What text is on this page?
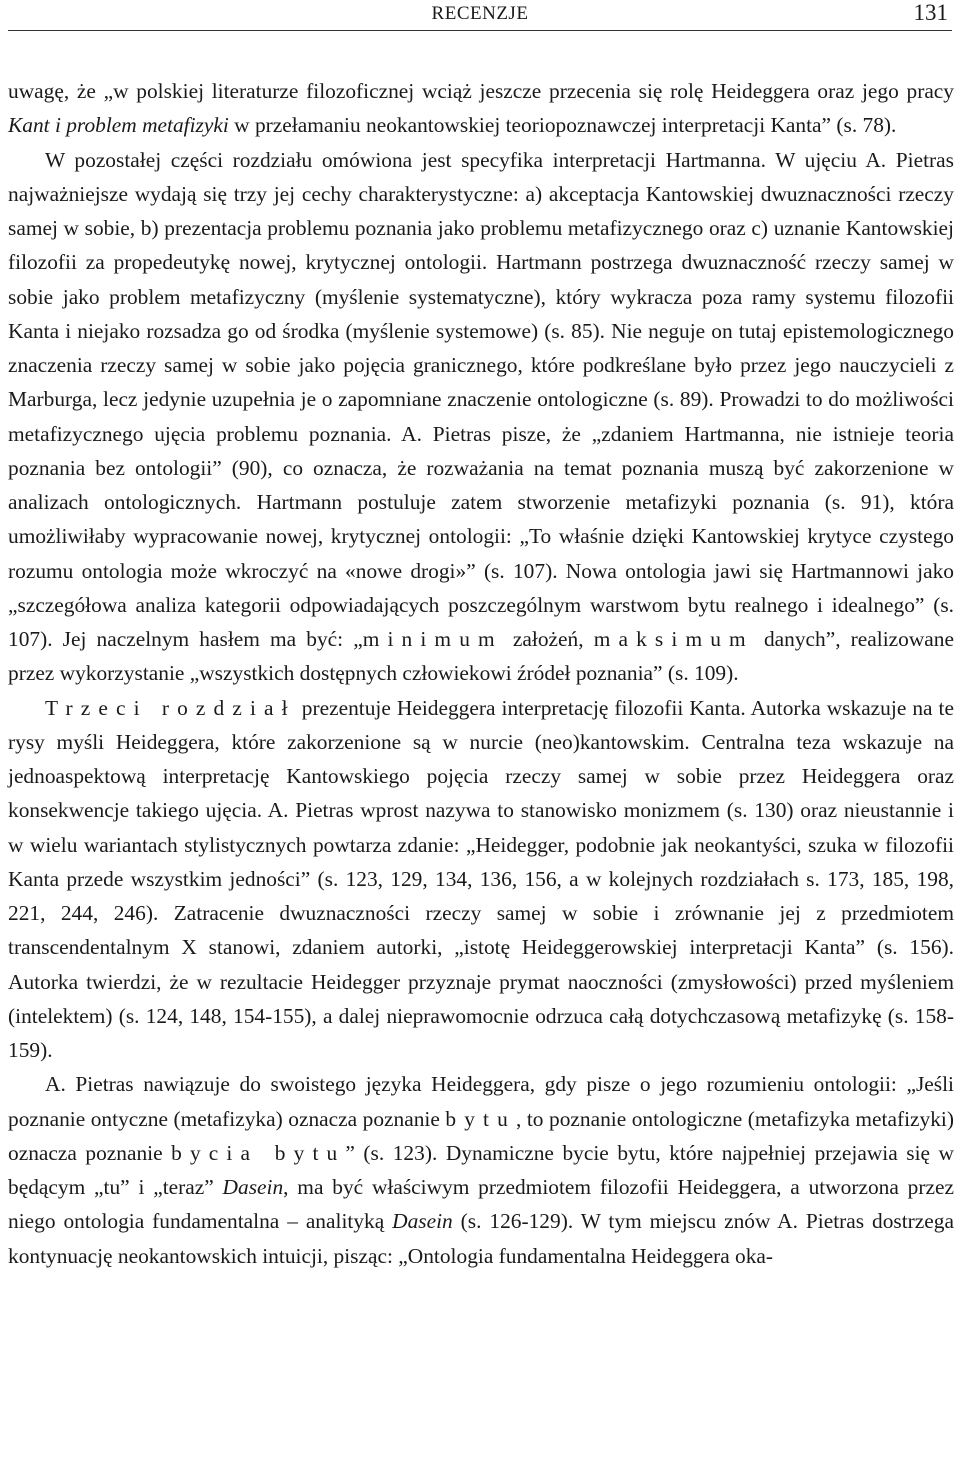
RECENZJE	131

uwagę, że „w polskiej literaturze filozoficznej wciąż jeszcze przecenia się rolę Heideggera oraz jego pracy Kant i problem metafizyki w przełamaniu neokantowskiej teoriopoznawczej interpretacji Kanta” (s. 78).

W pozostałej części rozdziału omówiona jest specyfika interpretacji Hartmanna. W ujęciu A. Pietras najważniejsze wydają się trzy jej cechy charakterystyczne: a) akceptacja Kantowskiej dwuznaczności rzeczy samej w sobie, b) prezentacja problemu poznania jako problemu metafizycznego oraz c) uznanie Kantowskiej filozofii za propedeutykę nowej, krytycznej ontologii. Hartmann postrzega dwuznaczność rzeczy samej w sobie jako problem metafizyczny (myślenie systematyczne), który wykracza poza ramy systemu filozofii Kanta i niejako rozsadza go od środka (myślenie systemowe) (s. 85). Nie neguje on tutaj epistemologicznego znaczenia rzeczy samej w sobie jako pojęcia granicznego, które podkreślane było przez jego nauczycieli z Marburga, lecz jedynie uzupełnia je o zapomniane znaczenie ontologiczne (s. 89). Prowadzi to do możliwości metafizycznego ujęcia problemu poznania. A. Pietras pisze, że „zdaniem Hartmanna, nie istnieje teoria poznania bez ontologii” (90), co oznacza, że rozważania na temat poznania muszą być zakorzenione w analizach ontologicznych. Hartmann postuluje zatem stworzenie metafizyki poznania (s. 91), która umożliwiłaby wypracowanie nowej, krytycznej ontologii: „To właśnie dzięki Kantowskiej krytyce czystego rozumu ontologia może wkroczyć na «nowe drogi»” (s. 107). Nowa ontologia jawi się Hartmannowi jako „szczegółowa analiza kategorii odpowiadających poszczególnym warstwom bytu realnego i idealnego” (s. 107). Jej naczelnym hasłem ma być: „minimum założeń, maksimum danych”, realizowane przez wykorzystanie „wszystkich dostępnych człowiekowi źródeł poznania” (s. 109).

Trzeci rozdział prezentuje Heideggera interpretację filozofii Kanta. Autorka wskazuje na te rysy myśli Heideggera, które zakorzenione są w nurcie (neo)kantowskim. Centralna teza wskazuje na jednoaspektową interpretację Kantowskiego pojęcia rzeczy samej w sobie przez Heideggera oraz konsekwencje takiego ujęcia. A. Pietras wprost nazywa to stanowisko monizmem (s. 130) oraz nieustannie i w wielu wariantach stylistycznych powtarza zdanie: „Heidegger, podobnie jak neokantyści, szuka w filozofii Kanta przede wszystkim jedności” (s. 123, 129, 134, 136, 156, a w kolejnych rozdziałach s. 173, 185, 198, 221, 244, 246). Zatracenie dwuznaczności rzeczy samej w sobie i zrównanie jej z przedmiotem transcendentalnym X stanowi, zdaniem autorki, „istotę Heideggerowskiej interpretacji Kanta” (s. 156). Autorka twierdzi, że w rezultacie Heidegger przyznaje prymat naoczności (zmysłowości) przed myśleniem (intelektem) (s. 124, 148, 154-155), a dalej nieprawomocnie odrzuca całą dotychczasową metafizykę (s. 158-159).

A. Pietras nawiązuje do swoistego języka Heideggera, gdy pisze o jego rozumieniu ontologii: „Jeśli poznanie ontyczne (metafizyka) oznacza poznanie bytu, to poznanie ontologiczne (metafizyka metafizyki) oznacza poznanie bycia bytu” (s. 123). Dynamiczne bycie bytu, które najpełniej przejawia się w będącym „tu” i „teraz” Dasein, ma być właściwym przedmiotem filozofii Heideggera, a utworzona przez niego ontologia fundamentalna – analityką Dasein (s. 126-129). W tym miejscu znów A. Pietras dostrzega kontynuację neokantowskich intuicji, pisząc: „Ontologia fundamentalna Heideggera oka-
